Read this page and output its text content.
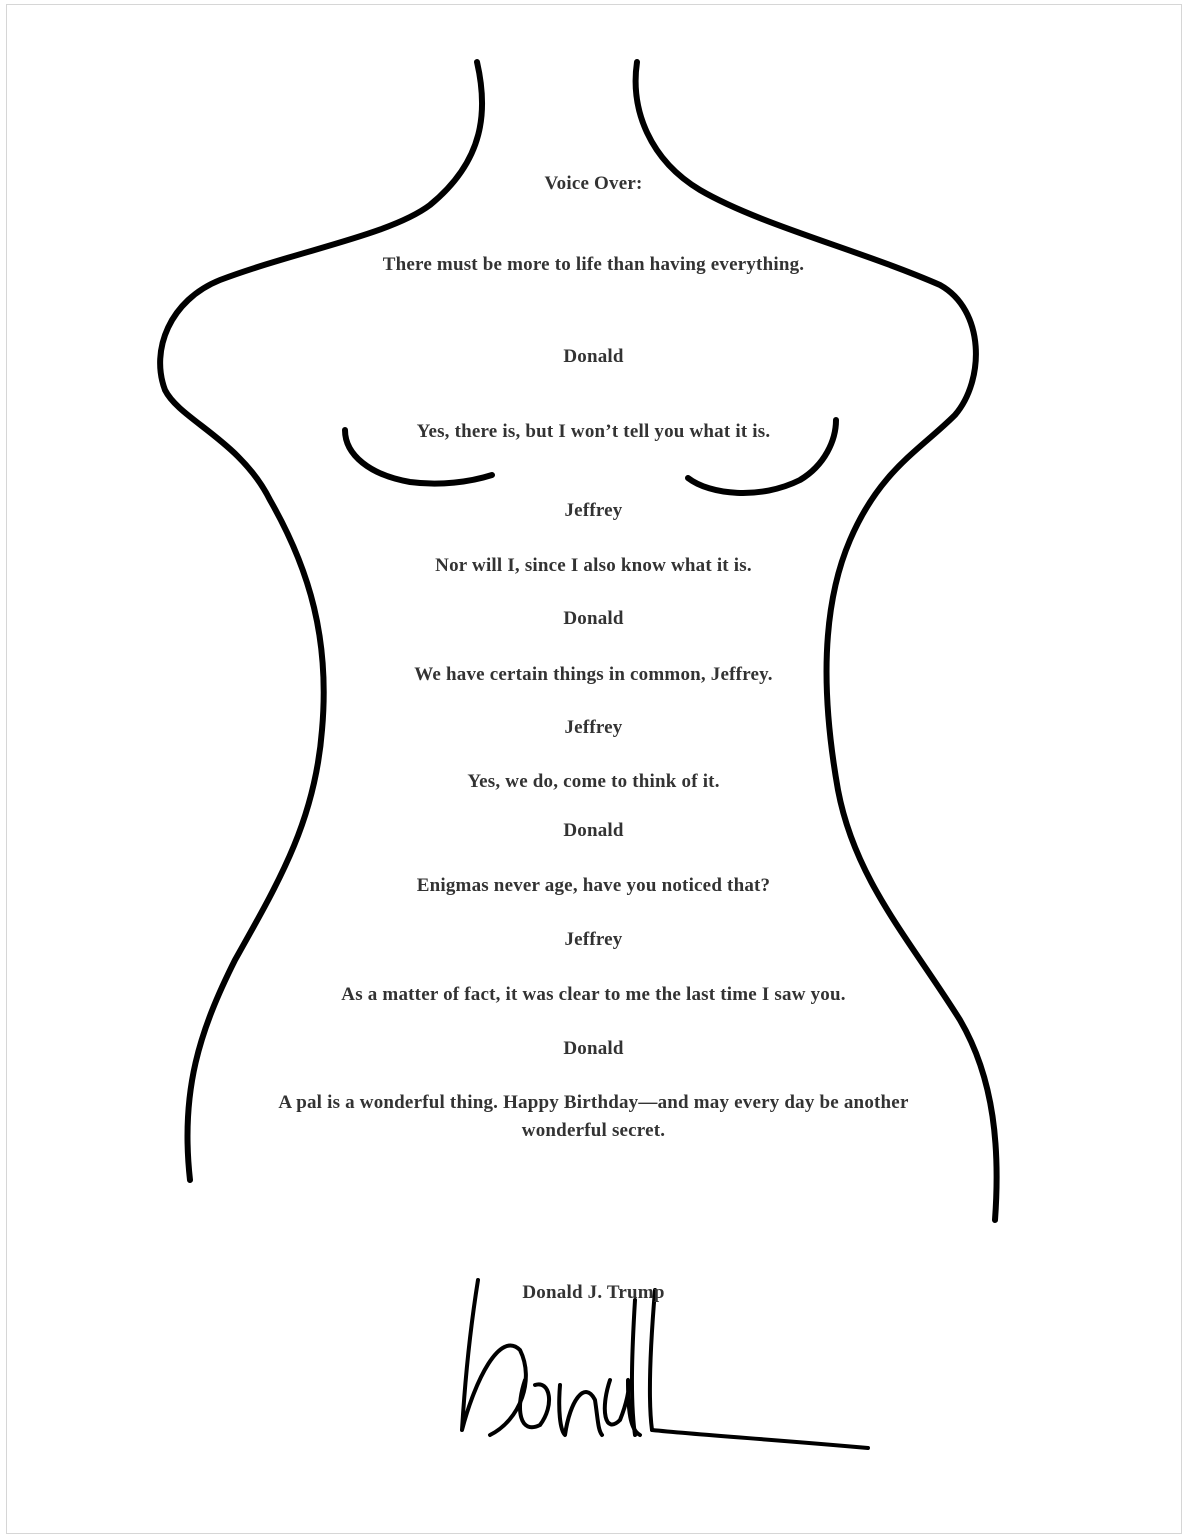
Voice Over:
There must be more to life than having everything.
Donald
Yes, there is, but I won’t tell you what it is.
Jeffrey
Nor will I, since I also know what it is.
Donald
We have certain things in common, Jeffrey.
Jeffrey
Yes, we do, come to think of it.
Donald
Enigmas never age, have you noticed that?
Jeffrey
As a matter of fact, it was clear to me the last time I saw you.
Donald
A pal is a wonderful thing. Happy Birthday—and may every day be another
wonderful secret.
Donald J. Trump
